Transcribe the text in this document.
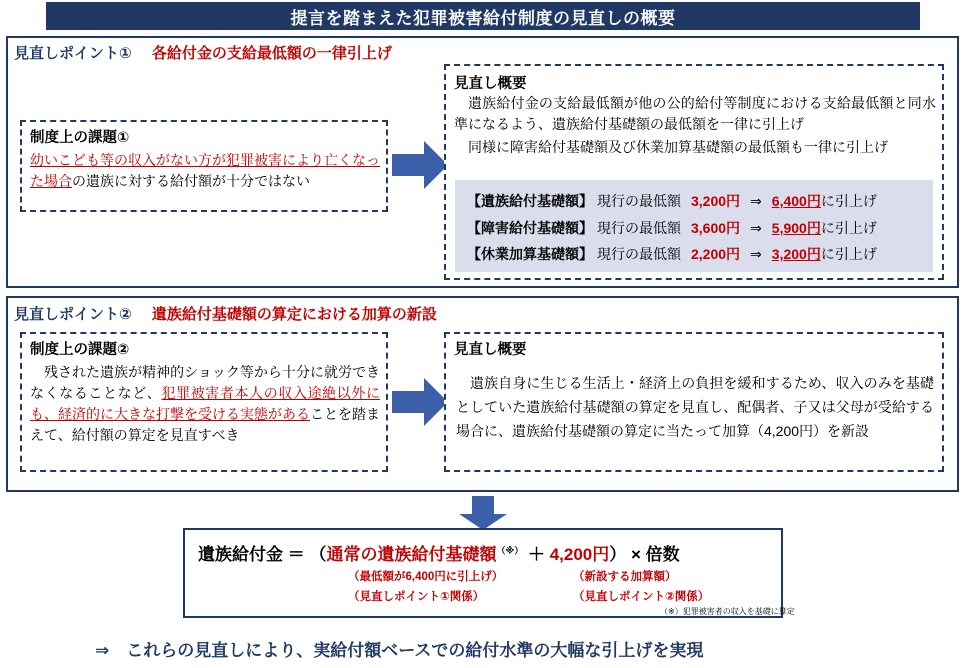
提言を踏まえた犯罪被害給付制度の見直しの概要
見直しポイント① 各給付金の支給最低額の一律引上げ
制度上の課題①
幼いこども等の収入がない方が犯罪被害により亡くなった場合の遺族に対する給付額が十分ではない
見直し概要
遺族給付金の支給最低額が他の公的給付等制度における支給最低額と同水準になるよう、遺族給付基礎額の最低額を一律に引上げ
同様に障害給付基礎額及び休業加算基礎額の最低額も一律に引上げ
【遺族給付基礎額】 現行の最低額 3,200円 ⇒ 6,400円 に引上げ
【障害給付基礎額】 現行の最低額 3,600円 ⇒ 5,900円 に引上げ
【休業加算基礎額】 現行の最低額 2,200円 ⇒ 3,200円 に引上げ
見直しポイント② 遺族給付基礎額の算定における加算の新設
制度上の課題②
残された遺族が精神的ショック等から十分に就労できなくなることなど、犯罪被害者本人の収入途絶以外にも、経済的に大きな打撃を受ける実態があることを踏まえて、給付額の算定を見直すべき
見直し概要
遺族自身に生じる生活上・経済上の負担を緩和するため、収入のみを基礎としていた遺族給付基礎額の算定を見直し、配偶者、子又は父母が受給する場合に、遺族給付基礎額の算定に当たって加算（4,200円）を新設
遺族給付金 ＝ （通常の遺族給付基礎額（※） ＋ 4,200円） × 倍数
（最低額が6,400円に引上げ）
（見直しポイント①関係）
（新設する加算額）
（見直しポイント②関係）
（※）犯罪被害者の収入を基礎に算定
⇒　これらの見直しにより、実給付額ベースでの給付水準の大幅な引上げを実現
